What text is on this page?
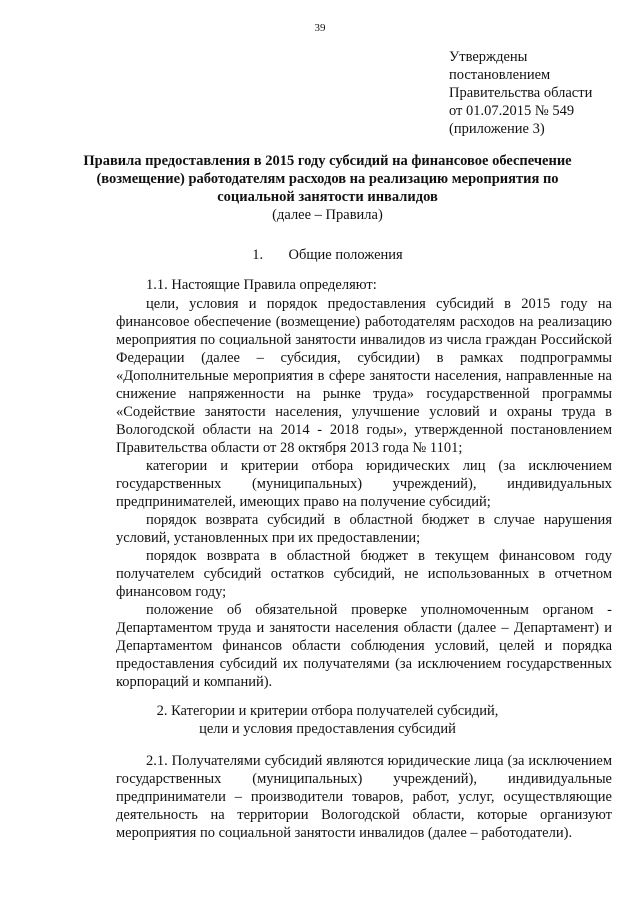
39
Утверждены
постановлением
Правительства области
от 01.07.2015 № 549
(приложение 3)
Правила предоставления в 2015 году субсидий на финансовое обеспечение (возмещение) работодателям расходов на реализацию мероприятия по социальной занятости инвалидов
(далее – Правила)
1.       Общие положения
1.1. Настоящие Правила определяют:

цели, условия и порядок предоставления субсидий в 2015 году на финансовое обеспечение (возмещение) работодателям расходов на реализацию мероприятия по социальной занятости инвалидов из числа граждан Российской Федерации (далее – субсидия, субсидии) в рамках подпрограммы «Дополнительные мероприятия в сфере занятости населения, направленные на снижение напряженности на рынке труда» государственной программы «Содействие занятости населения, улучшение условий и охраны труда в Вологодской области на 2014 - 2018 годы», утвержденной постановлением Правительства области от 28 октября 2013 года № 1101;

категории и критерии отбора юридических лиц (за исключением государственных (муниципальных) учреждений), индивидуальных предпринимателей, имеющих право на получение субсидий;

порядок возврата субсидий в областной бюджет в случае нарушения условий, установленных при их предоставлении;

порядок возврата в областной бюджет в текущем финансовом году получателем субсидий остатков субсидий, не использованных в отчетном финансовом году;

положение об обязательной проверке уполномоченным органом - Департаментом труда и занятости населения области (далее – Департамент) и Департаментом финансов области соблюдения условий, целей и порядка предоставления субсидий их получателями (за исключением государственных корпораций и компаний).

2. Категории и критерии отбора получателей субсидий,
цели и условия предоставления субсидий
2.1. Получателями субсидий являются юридические лица (за исключением государственных (муниципальных) учреждений), индивидуальные предприниматели – производители товаров, работ, услуг, осуществляющие деятельность на территории Вологодской области, которые организуют мероприятия по социальной занятости инвалидов (далее – работодатели).
